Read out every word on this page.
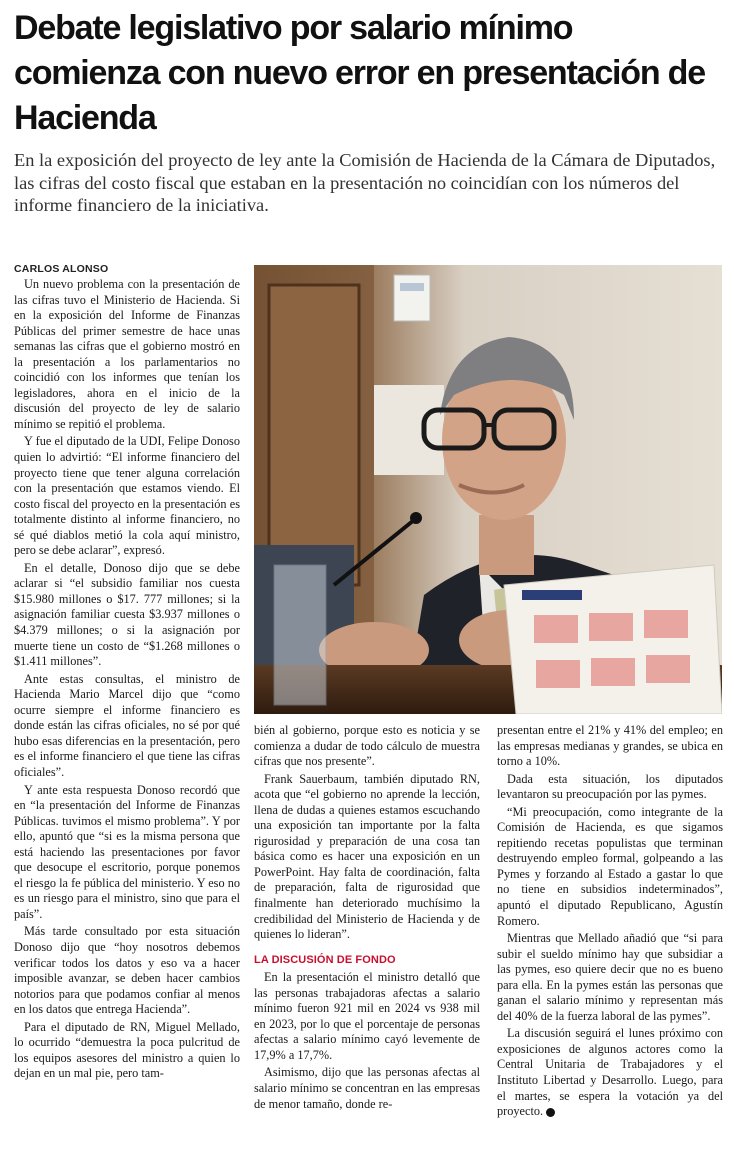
Debate legislativo por salario mínimo comienza con nuevo error en presentación de Hacienda

En la exposición del proyecto de ley ante la Comisión de Hacienda de la Cámara de Diputados, las cifras del costo fiscal que estaban en la presentación no coincidían con los números del informe financiero de la iniciativa.

CARLOS ALONSO

Un nuevo problema con la presentación de las cifras tuvo el Ministerio de Hacienda. Si en la exposición del Informe de Finanzas Públicas del primer semestre de hace unas semanas las cifras que el gobierno mostró en la presentación a los parlamentarios no coincidió con los informes que tenían los legisladores, ahora en el inicio de la discusión del proyecto de ley de salario mínimo se repitió el problema.

Y fue el diputado de la UDI, Felipe Donoso quien lo advirtió: “El informe financiero del proyecto tiene que tener alguna correlación con la presentación que estamos viendo. El costo fiscal del proyecto en la presentación es totalmente distinto al informe financiero, no sé qué diablos metió la cola aquí ministro, pero se debe aclarar”, expresó.

En el detalle, Donoso dijo que se debe aclarar si “el subsidio familiar nos cuesta $15.980 millones o $17. 777 millones; si la asignación familiar cuesta $3.937 millones o $4.379 millones; o si la asignación por muerte tiene un costo de “$1.268 millones o $1.411 millones”.

Ante estas consultas, el ministro de Hacienda Mario Marcel dijo que “como ocurre siempre el informe financiero es donde están las cifras oficiales, no sé por qué hubo esas diferencias en la presentación, pero es el informe financiero el que tiene las cifras oficiales”.

Y ante esta respuesta Donoso recordó que en “la presentación del Informe de Finanzas Públicas. tuvimos el mismo problema”. Y por ello, apuntó que “si es la misma persona que está haciendo las presentaciones por favor que desocupe el escritorio, porque ponemos el riesgo la fe pública del ministerio. Y eso no es un riesgo para el ministro, sino que para el país”.

Más tarde consultado por esta situación Donoso dijo que “hoy nosotros debemos verificar todos los datos y eso va a hacer imposible avanzar, se deben hacer cambios notorios para que podamos confiar al menos en los datos que entrega Hacienda”.

Para el diputado de RN, Miguel Mellado, lo ocurrido “demuestra la poca pulcritud de los equipos asesores del ministro a quien lo dejan en un mal pie, pero tam-

bién al gobierno, porque esto es noticia y se comienza a dudar de todo cálculo de muestra cifras que nos presente”.

Frank Sauerbaum, también diputado RN, acota que “el gobierno no aprende la lección, llena de dudas a quienes estamos escuchando una exposición tan importante por la falta rigurosidad y preparación de una cosa tan básica como es hacer una exposición en un PowerPoint. Hay falta de coordinación, falta de preparación, falta de rigurosidad que finalmente han deteriorado muchísimo la credibilidad del Ministerio de Hacienda y de quienes lo lideran”.

LA DISCUSIÓN DE FONDO

En la presentación el ministro detalló que las personas trabajadoras afectas a salario mínimo fueron 921 mil en 2024 vs 938 mil en 2023, por lo que el porcentaje de personas afectas a salario mínimo cayó levemente de 17,9% a 17,7%.

Asimismo, dijo que las personas afectas al salario mínimo se concentran en las empresas de menor tamaño, donde re-

presentan entre el 21% y 41% del empleo; en las empresas medianas y grandes, se ubica en torno a 10%.

Dada esta situación, los diputados levantaron su preocupación por las pymes.

“Mi preocupación, como integrante de la Comisión de Hacienda, es que sigamos repitiendo recetas populistas que terminan destruyendo empleo formal, golpeando a las Pymes y forzando al Estado a gastar lo que no tiene en subsidios indeterminados”, apuntó el diputado Republicano, Agustín Romero.

Mientras que Mellado añadió que “si para subir el sueldo mínimo hay que subsidiar a las pymes, eso quiere decir que no es bueno para ella. En la pymes están las personas que ganan el salario mínimo y representan más del 40% de la fuerza laboral de las pymes”.

La discusión seguirá el lunes próximo con exposiciones de algunos actores como la Central Unitaria de Trabajadores y el Instituto Libertad y Desarrollo. Luego, para el martes, se espera la votación ya del proyecto. P
